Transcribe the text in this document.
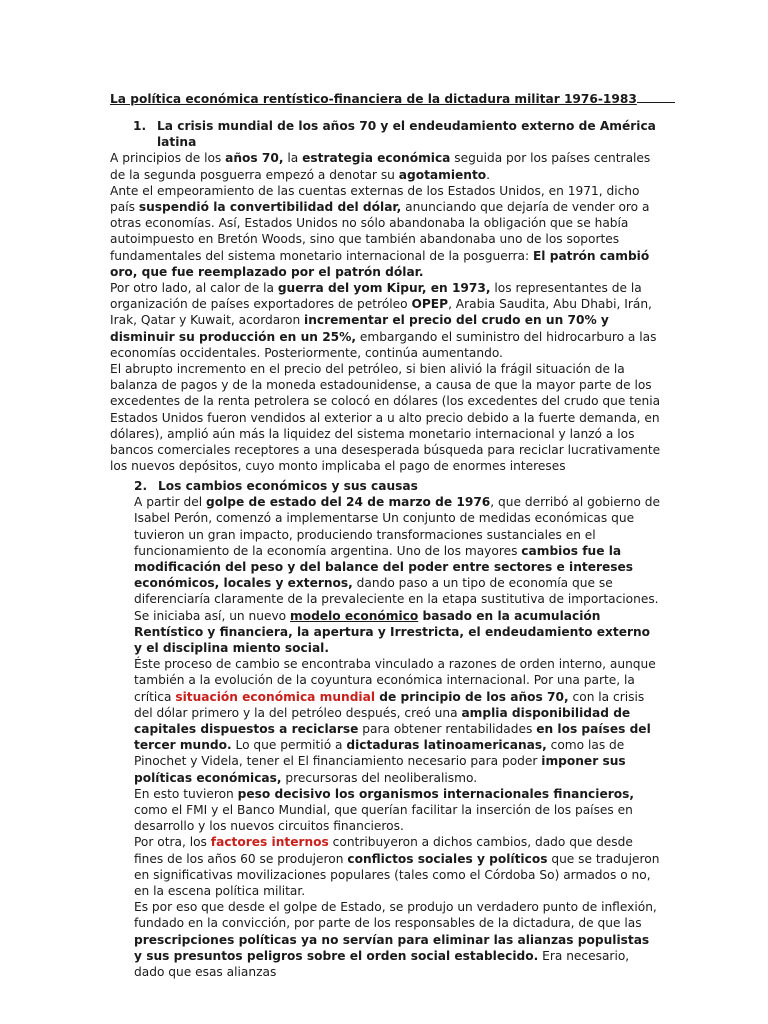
La política económica rentístico-financiera de la dictadura militar 1976-1983
1. La crisis mundial de los años 70 y el endeudamiento externo de América latina

A principios de los años 70, la estrategia económica seguida por los países centrales de la segunda posguerra empezó a denotar su agotamiento.

Ante el empeoramiento de las cuentas externas de los Estados Unidos, en 1971, dicho país suspendió la convertibilidad del dólar, anunciando que dejaría de vender oro a otras economías. Así, Estados Unidos no sólo abandonaba la obligación que se había autoimpuesto en Bretón Woods, sino que también abandonaba uno de los soportes fundamentales del sistema monetario internacional de la posguerra: El patrón cambió oro, que fue reemplazado por el patrón dólar.

Por otro lado, al calor de la guerra del yom Kipur, en 1973, los representantes de la organización de países exportadores de petróleo OPEP, Arabia Saudita, Abu Dhabi, Irán, Irak, Qatar y Kuwait, acordaron incrementar el precio del crudo en un 70% y disminuir su producción en un 25%, embargando el suministro del hidrocarburo a las economías occidentales. Posteriormente, continúa aumentando.

El abrupto incremento en el precio del petróleo, si bien alivió la frágil situación de la balanza de pagos y de la moneda estadounidense, a causa de que la mayor parte de los excedentes de la renta petrolera se colocó en dólares (los excedentes del crudo que tenia Estados Unidos fueron vendidos al exterior a u alto precio debido a la fuerte demanda, en dólares), amplió aún más la liquidez del sistema monetario internacional y lanzó a los bancos comerciales receptores a una desesperada búsqueda para reciclar lucrativamente los nuevos depósitos, cuyo monto implicaba el pago de enormes intereses

2. Los cambios económicos y sus causas

A partir del golpe de estado del 24 de marzo de 1976, que derribó al gobierno de Isabel Perón, comenzó a implementarse Un conjunto de medidas económicas que tuvieron un gran impacto, produciendo transformaciones sustanciales en el funcionamiento de la economía argentina. Uno de los mayores cambios fue la modificación del peso y del balance del poder entre sectores e intereses económicos, locales y externos, dando paso a un tipo de economía que se diferenciaría claramente de la prevaleciente en la etapa sustitutiva de importaciones. Se iniciaba así, un nuevo modelo económico basado en la acumulación Rentístico y financiera, la apertura y Irrestricta, el endeudamiento externo y el disciplina miento social.

Éste proceso de cambio se encontraba vinculado a razones de orden interno, aunque también a la evolución de la coyuntura económica internacional. Por una parte, la crítica situación económica mundial de principio de los años 70, con la crisis del dólar primero y la del petróleo después, creó una amplia disponibilidad de capitales dispuestos a reciclarse para obtener rentabilidades en los países del tercer mundo. Lo que permitió a dictaduras latinoamericanas, como las de Pinochet y Videla, tener el El financiamiento necesario para poder imponer sus políticas económicas, precursoras del neoliberalismo.

En esto tuvieron peso decisivo los organismos internacionales financieros, como el FMI y el Banco Mundial, que querían facilitar la inserción de los países en desarrollo y los nuevos circuitos financieros.

Por otra, los factores internos contribuyeron a dichos cambios, dado que desde fines de los años 60 se produjeron conflictos sociales y políticos que se tradujeron en significativas movilizaciones populares (tales como el Córdoba So) armados o no, en la escena política militar.

Es por eso que desde el golpe de Estado, se produjo un verdadero punto de inflexión, fundado en la convicción, por parte de los responsables de la dictadura, de que las prescripciones políticas ya no servían para eliminar las alianzas populistas y sus presuntos peligros sobre el orden social establecido. Era necesario, dado que esas alianzas
